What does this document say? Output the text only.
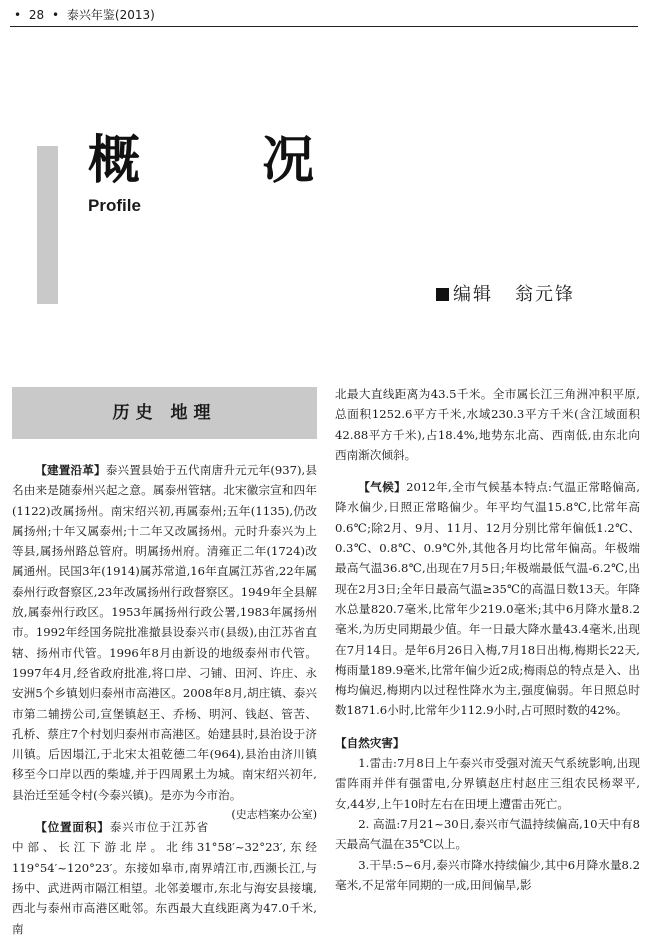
• 28 • 泰兴年鉴(2013)
概 况
Profile
编辑 翁元锋
历史 地理

【建置沿革】泰兴置县始于五代南唐升元元年(937),县名由来是随泰州兴起之意。属泰州管辖。北宋徽宗宣和四年(1122)改属扬州。南宋绍兴初,再属泰州;五年(1135),仍改属扬州;十年又属泰州;十二年又改属扬州。元时升泰兴为上等县,属扬州路总管府。明属扬州府。清雍正二年(1724)改属通州。民国3年(1914)属苏常道,16年直属江苏省,22年属泰州行政督察区,23年改属扬州行政督察区。1949年全县解放,属泰州行政区。1953年属扬州行政公署,1983年属扬州市。1992年经国务院批准撤县设泰兴市(县级),由江苏省直辖、扬州市代管。1996年8月由新设的地级泰州市代管。1997年4月,经省政府批准,将口岸、刁铺、田河、许庄、永安洲5个乡镇划归泰州市高港区。2008年8月,胡庄镇、泰兴市第二辅捞公司,宣堡镇赵王、乔杨、明河、钱赵、管苦、孔桥、蔡庄7个村划归泰州市高港区。始建县时,县治设于济川镇。后因塌江,于北宋太祖乾德二年(964),县治由济川镇移至今口岸以西的柴墟,并于四周累土为城。南宋绍兴初年,县治迁至延令村(今泰兴镇)。是亦为今市治。
(史志档案办公室)

【位置面积】泰兴市位于江苏省中部、长江下游北岸。北纬31°58′~32°23′,东经119°54′~120°23′。东接如皋市,南界靖江市,西濒长江,与扬中、武进两市隔江相望。北邻姜堰市,东北与海安县接壤,西北与泰州市高港区毗邻。东西最大直线距离为47.0千米,南

北最大直线距离为43.5千米。全市属长江三角洲冲积平原,总面积1252.6平方千米,水域230.3平方千米(含江域面积42.88平方千米),占18.4%,地势东北高、西南低,由东北向西南渐次倾斜。

【气候】2012年,全市气候基本特点:气温正常略偏高,降水偏少,日照正常略偏少。年平均气温15.8℃,比常年高0.6℃;除2月、9月、11月、12月分别比常年偏低1.2℃、0.3℃、0.8℃、0.9℃外,其他各月均比常年偏高。年极端最高气温36.8℃,出现在7月5日;年极端最低气温-6.2℃,出现在2月3日;全年日最高气温≥35℃的高温日数13天。年降水总量820.7毫米,比常年少219.0毫米;其中6月降水量8.2毫米,为历史同期最少值。年一日最大降水量43.4毫米,出现在7月14日。是年6月26日入梅,7月18日出梅,梅期长22天,梅雨量189.9毫米,比常年偏少近2成;梅雨总的特点是入、出梅均偏迟,梅期内以过程性降水为主,强度偏弱。年日照总时数1871.6小时,比常年少112.9小时,占可照时数的42%。

【自然灾害】

1.雷击:7月8日上午泰兴市受强对流天气系统影响,出现雷阵雨并伴有强雷电,分界镇赵庄村赵庄三组农民杨翠平,女,44岁,上午10时左右在田埂上遭雷击死亡。

2. 高温:7月21~30日,泰兴市气温持续偏高,10天中有8天最高气温在35℃以上。

3.干旱:5~6月,泰兴市降水持续偏少,其中6月降水量8.2毫米,不足常年同期的一成,田间偏旱,影
